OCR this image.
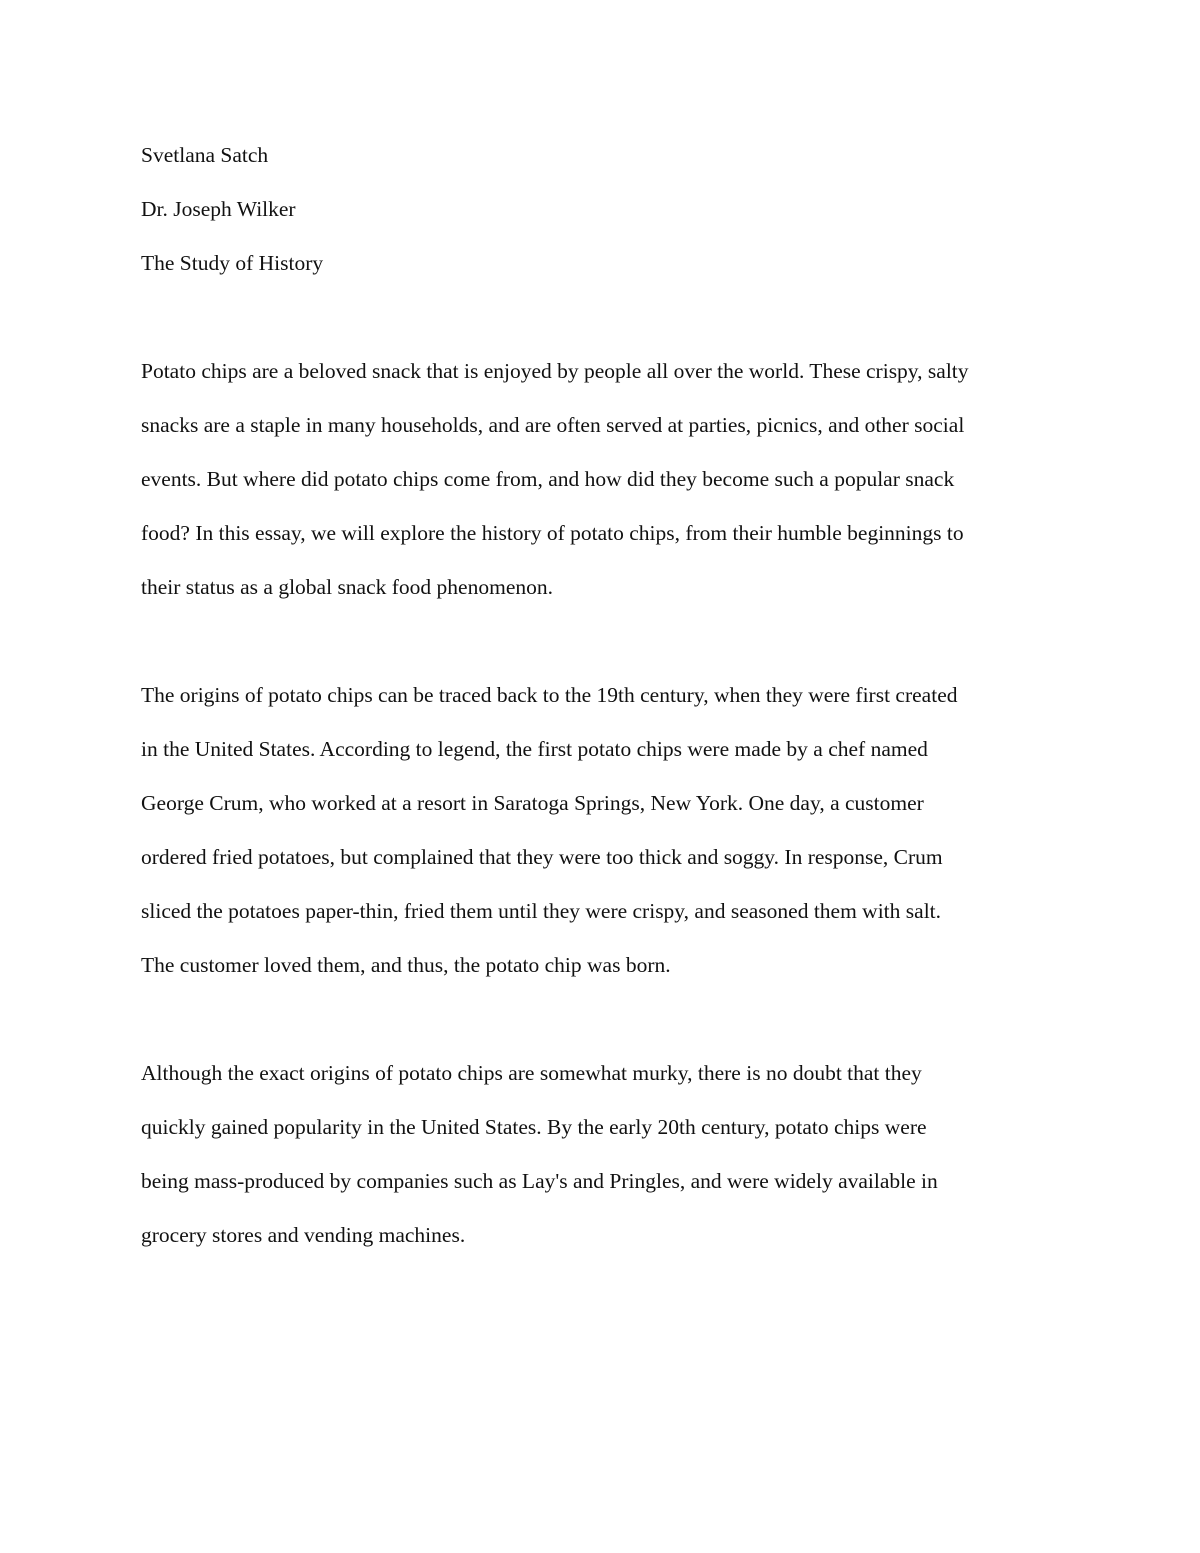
Svetlana Satch

Dr. Joseph Wilker

The Study of History

Potato chips are a beloved snack that is enjoyed by people all over the world. These crispy, salty
snacks are a staple in many households, and are often served at parties, picnics, and other social
events. But where did potato chips come from, and how did they become such a popular snack
food? In this essay, we will explore the history of potato chips, from their humble beginnings to
their status as a global snack food phenomenon.

The origins of potato chips can be traced back to the 19th century, when they were first created
in the United States. According to legend, the first potato chips were made by a chef named
George Crum, who worked at a resort in Saratoga Springs, New York. One day, a customer
ordered fried potatoes, but complained that they were too thick and soggy. In response, Crum
sliced the potatoes paper-thin, fried them until they were crispy, and seasoned them with salt.
The customer loved them, and thus, the potato chip was born.

Although the exact origins of potato chips are somewhat murky, there is no doubt that they
quickly gained popularity in the United States. By the early 20th century, potato chips were
being mass-produced by companies such as Lay's and Pringles, and were widely available in
grocery stores and vending machines.
